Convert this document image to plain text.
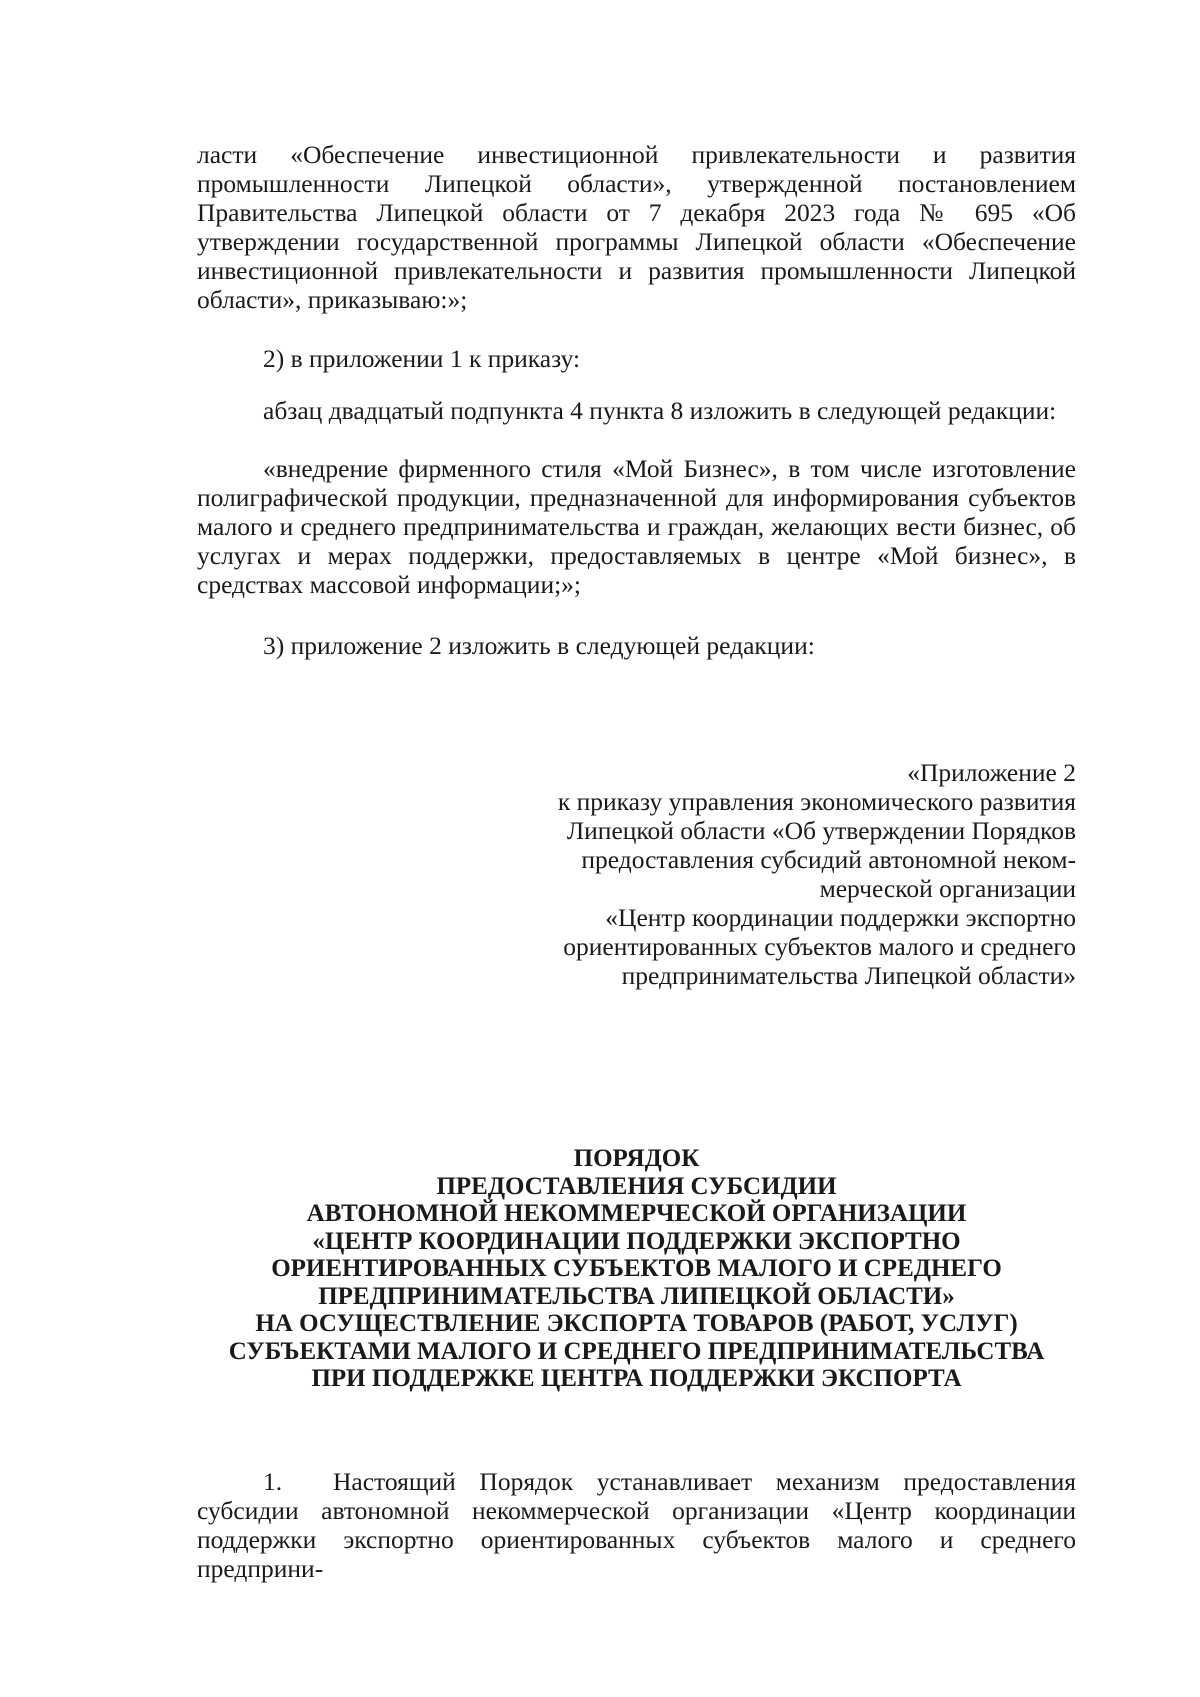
ласти «Обеспечение инвестиционной привлекательности и развития промышленности Липецкой области», утвержденной постановлением Правительства Липецкой области от 7 декабря 2023 года № 695 «Об утверждении государственной программы Липецкой области «Обеспечение инвестиционной привлекательности и развития промышленности Липецкой области», приказываю:»;

2) в приложении 1 к приказу:

абзац двадцатый подпункта 4 пункта 8 изложить в следующей редакции:

«внедрение фирменного стиля «Мой Бизнес», в том числе изготовление полиграфической продукции, предназначенной для информирования субъектов малого и среднего предпринимательства и граждан, желающих вести бизнес, об услугах и мерах поддержки, предоставляемых в центре «Мой бизнес», в средствах массовой информации;»;

3) приложение 2 изложить в следующей редакции:

«Приложение 2
к приказу управления экономического развития
Липецкой области «Об утверждении Порядков
предоставления субсидий автономной неком-
мерческой организации
«Центр координации поддержки экспортно
ориентированных субъектов малого и среднего
предпринимательства Липецкой области»
ПОРЯДОК
ПРЕДОСТАВЛЕНИЯ СУБСИДИИ
АВТОНОМНОЙ НЕКОММЕРЧЕСКОЙ ОРГАНИЗАЦИИ
«ЦЕНТР КООРДИНАЦИИ ПОДДЕРЖКИ ЭКСПОРТНО
ОРИЕНТИРОВАННЫХ СУБЪЕКТОВ МАЛОГО И СРЕДНЕГО
ПРЕДПРИНИМАТЕЛЬСТВА ЛИПЕЦКОЙ ОБЛАСТИ»
НА ОСУЩЕСТВЛЕНИЕ ЭКСПОРТА ТОВАРОВ (РАБОТ, УСЛУГ)
СУБЪЕКТАМИ МАЛОГО И СРЕДНЕГО ПРЕДПРИНИМАТЕЛЬСТВА
ПРИ ПОДДЕРЖКЕ ЦЕНТРА ПОДДЕРЖКИ ЭКСПОРТА

1. Настоящий Порядок устанавливает механизм предоставления субсидии автономной некоммерческой организации «Центр координации поддержки экспортно ориентированных субъектов малого и среднего предприни-
